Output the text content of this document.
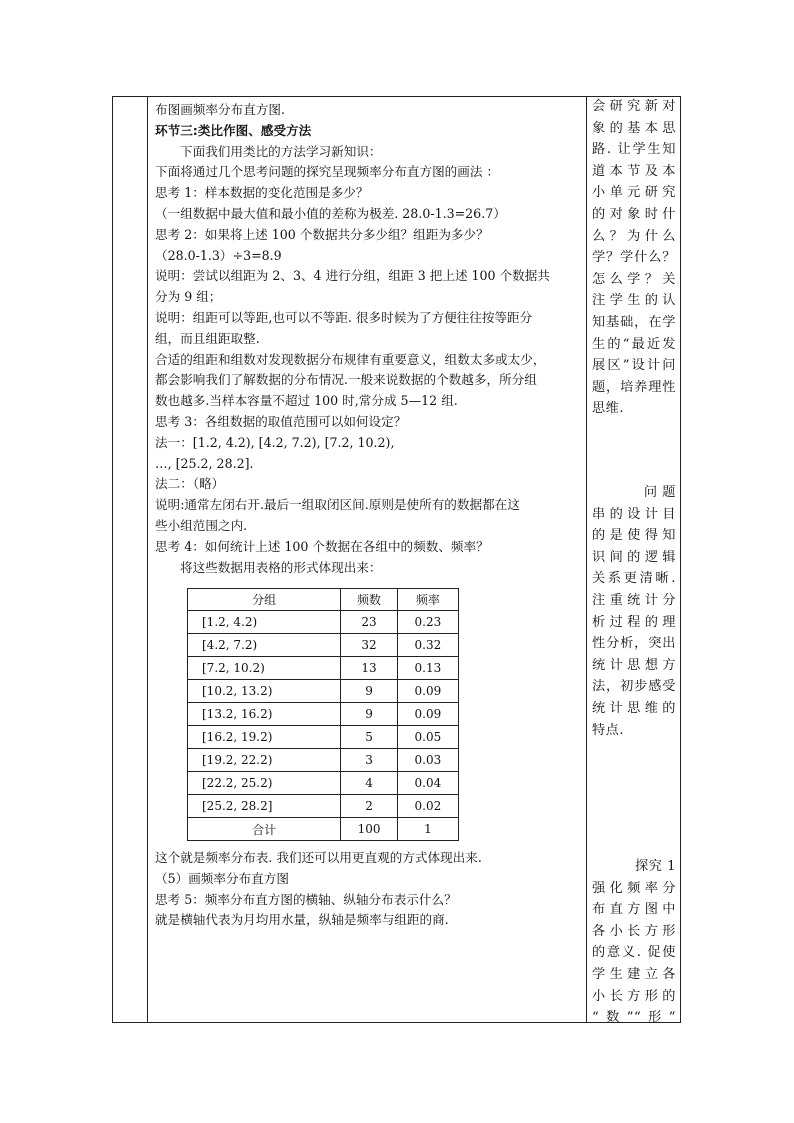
布图画频率分布直方图.

环节三:类比作图、感受方法

下面我们用类比的方法学习新知识：

下面将通过几个思考问题的探究呈现频率分布直方图的画法 ：

思考 1：样本数据的变化范围是多少？

（一组数据中最大值和最小值的差称为极差. 28.0-1.3=26.7）

思考 2：如果将上述 100 个数据共分多少组？组距为多少？

（28.0-1.3）÷3=8.9

说明：尝试以组距为 2、3、4 进行分组，组距 3 把上述 100 个数据共

分为 9 组；

说明：组距可以等距,也可以不等距. 很多时候为了方便往往按等距分

组，而且组距取整.

合适的组距和组数对发现数据分布规律有重要意义，组数太多或太少，

都会影响我们了解数据的分布情况.一般来说数据的个数越多，所分组

数也越多.当样本容量不超过 100 时,常分成 5—12 组.

思考 3：各组数据的取值范围可以如何设定？

法一：[1.2, 4.2), [4.2, 7.2), [7.2, 10.2),

…, [25.2, 28.2].

法二：（略）

说明:通常左闭右开.最后一组取闭区间.原则是使所有的数据都在这

些小组范围之内.

思考 4：如何统计上述 100 个数据在各组中的频数、频率？

将这些数据用表格的形式体现出来：

分组	频数	频率
[1.2, 4.2)	23	0.23
[4.2, 7.2)	32	0.32
[7.2, 10.2)	13	0.13
[10.2, 13.2)	9	0.09
[13.2, 16.2)	9	0.09
[16.2, 19.2)	5	0.05
[19.2, 22.2)	3	0.03
[22.2, 25.2)	4	0.04
[25.2, 28.2]	2	0.02
合计	100	1

这个就是频率分布表. 我们还可以用更直观的方式体现出来.

（5）画频率分布直方图

思考 5：频率分布直方图的横轴、纵轴分布表示什么？

就是横轴代表为月均用水量，纵轴是频率与组距的商.

会研究新对

象的基本思

路. 让学生知

道本节及本

小单元研究

的对象时什

么？为什么

学？学什么？

怎么学？关

注学生的认

知基础，在学

生的“最近发

展区”设计问

题，培养理性

思维.

问 题

串的设计目

的是使得知

识间的逻辑

关系更清晰.

注重统计分

析过程的理

性分析，突出

统计思想方

法，初步感受

统计思维的

特点.

探究 1

强化频率分

布直方图中

各小长方形

的意义. 促使

学生建立各

小长方形的

“数”“形”
